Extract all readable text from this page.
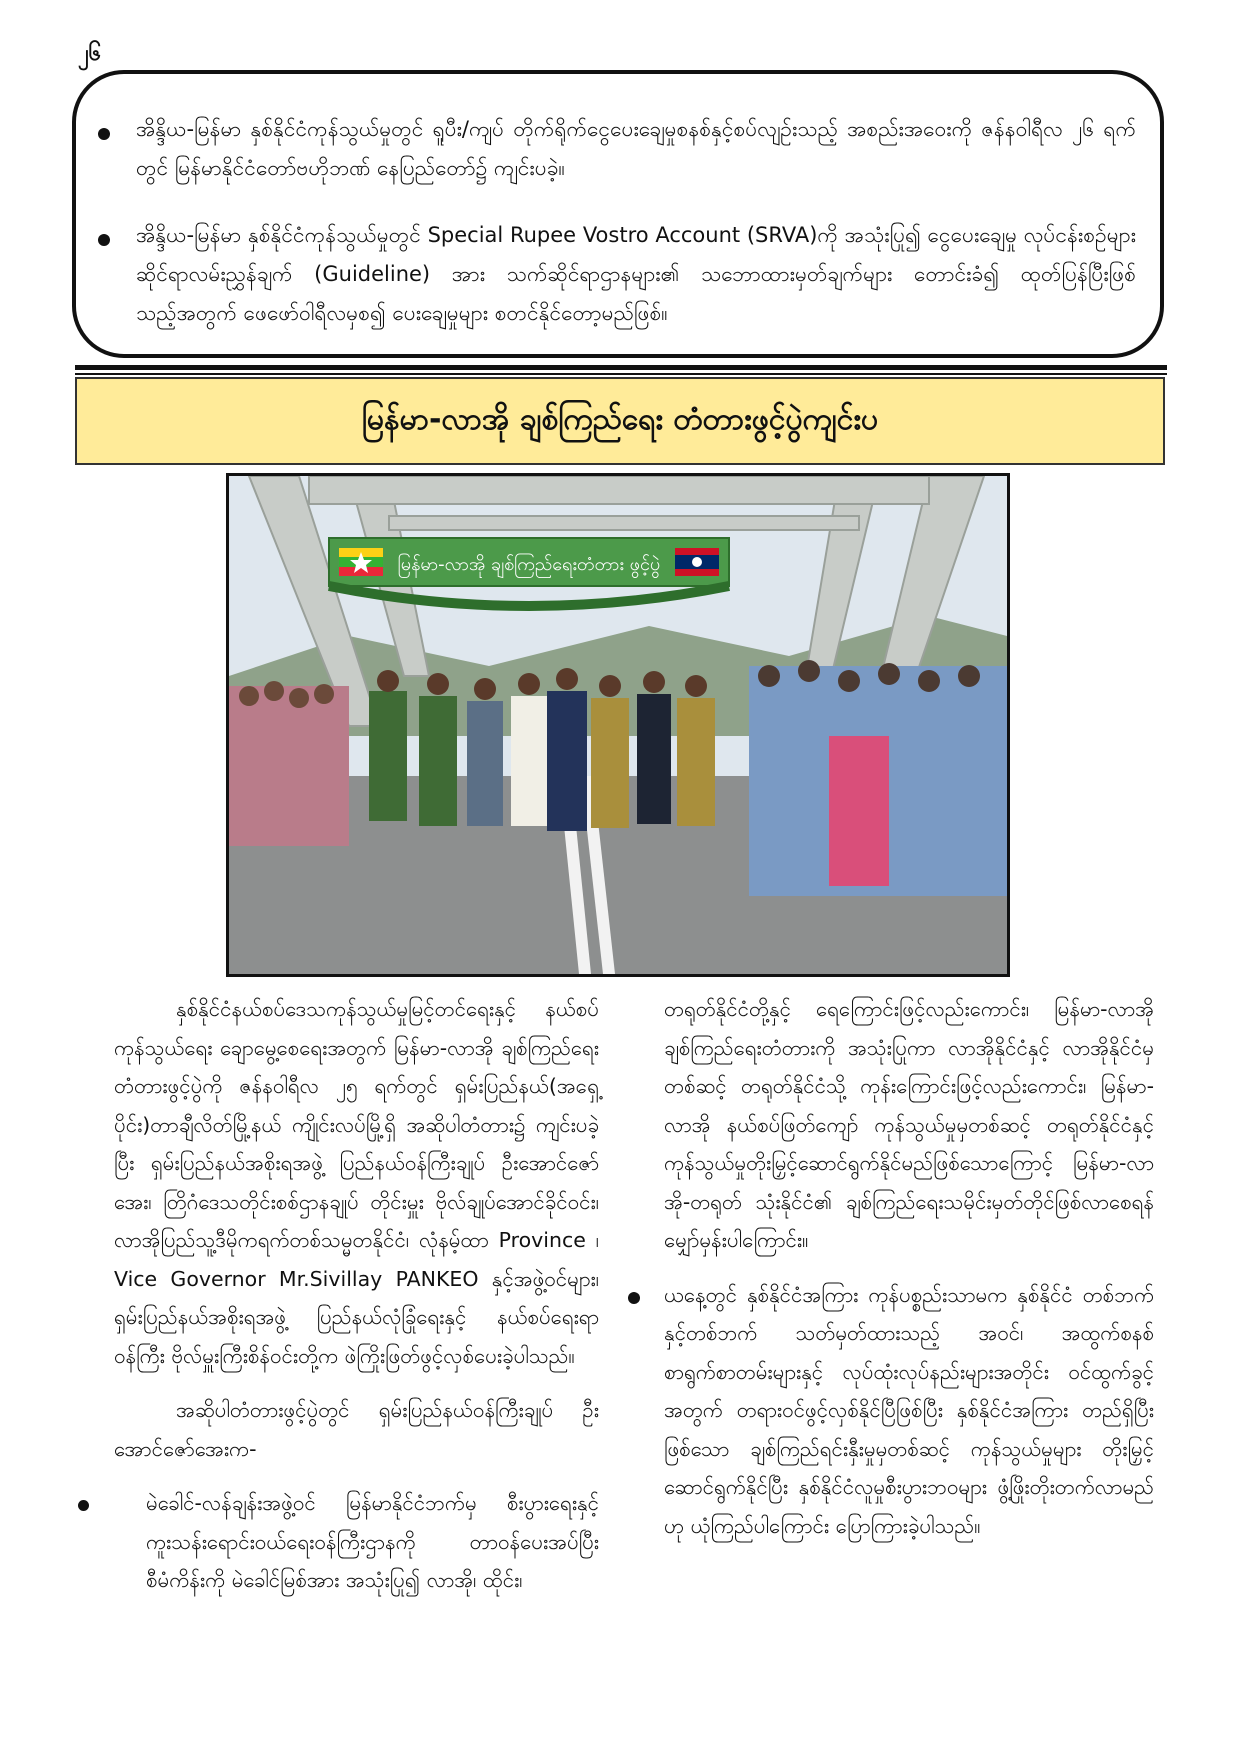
၂၆

အိန္ဒိယ-မြန်မာ နှစ်နိုင်ငံကုန်သွယ်မှုတွင် ရူပီး/ကျပ် တိုက်ရိုက်ငွေပေးချေမှုစနစ်နှင့်စပ်လျဉ်းသည့် အစည်းအဝေးကို ဇန်နဝါရီလ ၂၆ ရက်တွင် မြန်မာနိုင်ငံတော်ဗဟိုဘဏ် နေပြည်တော်၌ ကျင်းပခဲ့။

အိန္ဒိယ-မြန်မာ နှစ်နိုင်ငံကုန်သွယ်မှုတွင် Special Rupee Vostro Account (SRVA)ကို အသုံးပြု၍ ငွေပေးချေမှု လုပ်ငန်းစဉ်များဆိုင်ရာလမ်းညွှန်ချက် (Guideline) အား သက်ဆိုင်ရာဌာနများ၏ သဘောထားမှတ်ချက်များ တောင်းခံ၍ ထုတ်ပြန်ပြီးဖြစ်သည့်အတွက် ဖေဖော်ဝါရီလမှစ၍ ပေးချေမှုများ စတင်နိုင်တော့မည်ဖြစ်။

မြန်မာ-လာအို ချစ်ကြည်ရေး တံတားဖွင့်ပွဲကျင်းပ
မြန်မာ-လာအို ချစ်ကြည်ရေးတံတား ဖွင့်ပွဲ

နှစ်နိုင်ငံနယ်စပ်ဒေသကုန်သွယ်မှုမြင့်တင်ရေးနှင့် နယ်စပ်ကုန်သွယ်ရေး ချောမွေ့စေရေးအတွက် မြန်မာ-လာအို ချစ်ကြည်ရေးတံတားဖွင့်ပွဲကို ဇန်နဝါရီလ ၂၅ ရက်တွင် ရှမ်းပြည်နယ်(အရှေ့ပိုင်း)တာချီလိတ်မြို့နယ် ကျိုင်းလပ်မြို့ရှိ အဆိုပါတံတား၌ ကျင်းပခဲ့ပြီး ရှမ်းပြည်နယ်အစိုးရအဖွဲ့ ပြည်နယ်ဝန်ကြီးချုပ် ဦးအောင်ဇော်အေး၊ တြိဂံဒေသတိုင်းစစ်ဌာနချုပ် တိုင်းမှူး ဗိုလ်ချုပ်အောင်ခိုင်ဝင်း၊ လာအိုပြည်သူ့ဒီမိုကရက်တစ်သမ္မတနိုင်ငံ၊ လုံနမ့်ထာ Province ၊ Vice Governor Mr.Sivillay PANKEO နှင့်အဖွဲ့ဝင်များ၊ ရှမ်းပြည်နယ်အစိုးရအဖွဲ့ ပြည်နယ်လုံခြုံရေးနှင့် နယ်စပ်ရေးရာဝန်ကြီး ဗိုလ်မှူးကြီးစိန်ဝင်းတို့က ဖဲကြိုးဖြတ်ဖွင့်လှစ်ပေးခဲ့ပါသည်။

အဆိုပါတံတားဖွင့်ပွဲတွင် ရှမ်းပြည်နယ်ဝန်ကြီးချုပ် ဦးအောင်ဇော်အေးက-

မဲခေါင်-လန်ချန်းအဖွဲ့ဝင် မြန်မာနိုင်ငံဘက်မှ စီးပွားရေးနှင့် ကူးသန်းရောင်းဝယ်ရေးဝန်ကြီးဌာနကို တာဝန်ပေးအပ်ပြီး စီမံကိန်းကို မဲခေါင်မြစ်အား အသုံးပြု၍ လာအို၊ ထိုင်း၊

တရုတ်နိုင်ငံတို့နှင့် ရေကြောင်းဖြင့်လည်းကောင်း၊ မြန်မာ-လာအို ချစ်ကြည်ရေးတံတားကို အသုံးပြုကာ လာအိုနိုင်ငံနှင့် လာအိုနိုင်ငံမှတစ်ဆင့် တရုတ်နိုင်ငံသို့ ကုန်းကြောင်းဖြင့်လည်းကောင်း၊ မြန်မာ-လာအို နယ်စပ်ဖြတ်ကျော် ကုန်သွယ်မှုမှတစ်ဆင့် တရုတ်နိုင်ငံနှင့် ကုန်သွယ်မှုတိုးမြှင့်ဆောင်ရွက်နိုင်မည်ဖြစ်သောကြောင့် မြန်မာ-လာအို-တရုတ် သုံးနိုင်ငံ၏ ချစ်ကြည်ရေးသမိုင်းမှတ်တိုင်ဖြစ်လာစေရန် မျှော်မှန်းပါကြောင်း။

ယနေ့တွင် နှစ်နိုင်ငံအကြား ကုန်ပစ္စည်းသာမက နှစ်နိုင်ငံ တစ်ဘက်နှင့်တစ်ဘက် သတ်မှတ်ထားသည့် အဝင်၊ အထွက်စနစ် စာရွက်စာတမ်းများနှင့် လုပ်ထုံးလုပ်နည်းများအတိုင်း ဝင်ထွက်ခွင့်အတွက် တရားဝင်ဖွင့်လှစ်နိုင်ပြီဖြစ်ပြီး နှစ်နိုင်ငံအကြား တည်ရှိပြီးဖြစ်သော ချစ်ကြည်ရင်းနှီးမှုမှတစ်ဆင့် ကုန်သွယ်မှုများ တိုးမြှင့်ဆောင်ရွက်နိုင်ပြီး နှစ်နိုင်ငံလူမှုစီးပွားဘဝများ ဖွံ့ဖြိုးတိုးတက်လာမည်ဟု ယုံကြည်ပါကြောင်း ပြောကြားခဲ့ပါသည်။
